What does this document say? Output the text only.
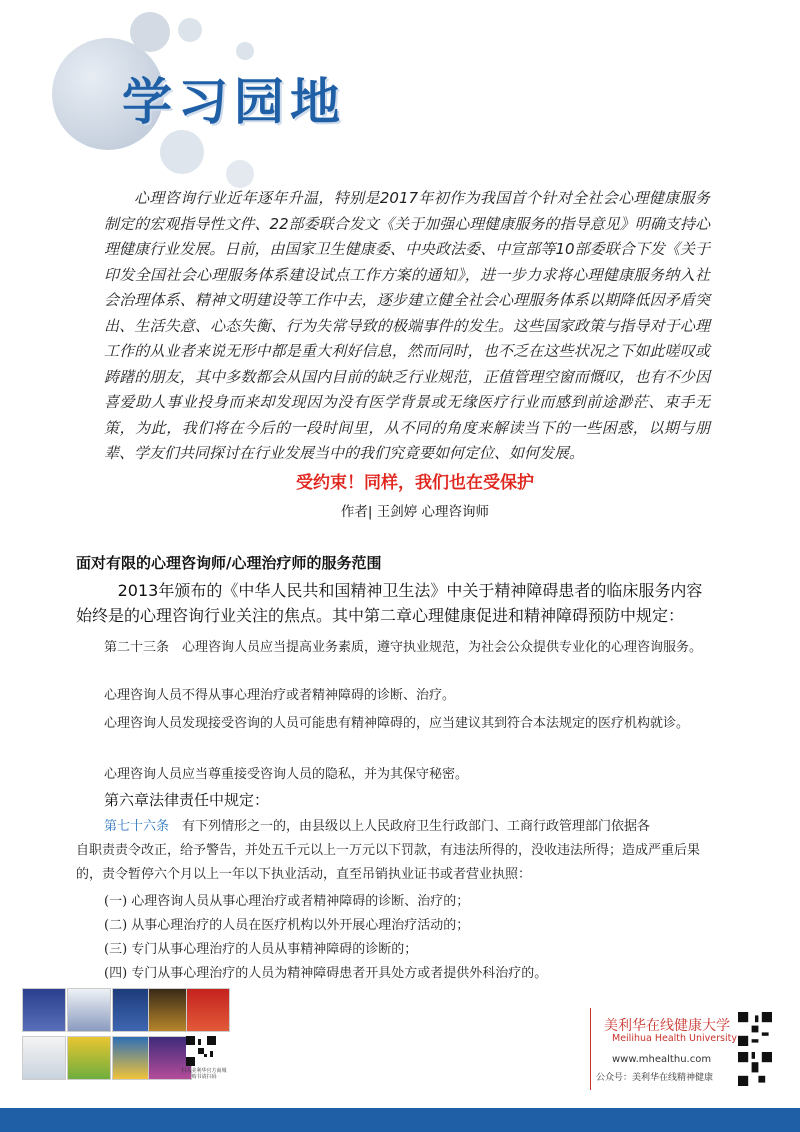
学习园地
心理咨询行业近年逐年升温，特别是2017年初作为我国首个针对全社会心理健康服务制定的宏观指导性文件、22部委联合发文《关于加强心理健康服务的指导意见》明确支持心理健康行业发展。日前，由国家卫生健康委、中央政法委、中宣部等10部委联合下发《关于印发全国社会心理服务体系建设试点工作方案的通知》，进一步力求将心理健康服务纳入社会治理体系、精神文明建设等工作中去，逐步建立健全社会心理服务体系以期降低因矛盾突出、生活失意、心态失衡、行为失常导致的极端事件的发生。这些国家政策与指导对于心理工作的从业者来说无形中都是重大利好信息，然而同时，也不乏在这些状况之下如此嗟叹或踌躇的朋友，其中多数都会从国内目前的缺乏行业规范，正值管理空窗而慨叹，也有不少因喜爱助人事业投身而来却发现因为没有医学背景或无缘医疗行业而感到前途渺茫、束手无策，为此，我们将在今后的一段时间里，从不同的角度来解读当下的一些困惑，以期与朋辈、学友们共同探讨在行业发展当中的我们究竟要如何定位、如何发展。
受约束！同样，我们也在受保护
作者| 王剑婷 心理咨询师
面对有限的心理咨询师/心理治疗师的服务范围
2013年颁布的《中华人民共和国精神卫生法》中关于精神障碍患者的临床服务内容始终是的心理咨询行业关注的焦点。其中第二章心理健康促进和精神障碍预防中规定：
第二十三条　心理咨询人员应当提高业务素质，遵守执业规范，为社会公众提供专业化的心理咨询服务。
心理咨询人员不得从事心理治疗或者精神障碍的诊断、治疗。
心理咨询人员发现接受咨询的人员可能患有精神障碍的，应当建议其到符合本法规定的医疗机构就诊。
心理咨询人员应当尊重接受咨询人员的隐私，并为其保守秘密。
第六章法律责任中规定：
第七十六条　有下列情形之一的，由县级以上人民政府卫生行政部门、工商行政管理部门依据各
自职责责令改正，给予警告，并处五千元以上一万元以下罚款，有违法所得的，没收违法所得；造成严重后果的，责令暂停六个月以上一年以下执业活动，直至吊销执业证书或者营业执照：
(一) 心理咨询人员从事心理治疗或者精神障碍的诊断、治疗的；
(二) 从事心理治疗的人员在医疗机构以外开展心理治疗活动的；
(三) 专门从事心理治疗的人员从事精神障碍的诊断的；
(四) 专门从事心理治疗的人员为精神障碍患者开具处方或者提供外科治疗的。
扫入美利华官方商城 购书请扫码
美利华在线健康大学
Meilihua Health University
www.mhealthu.com
公众号：美利华在线精神健康
